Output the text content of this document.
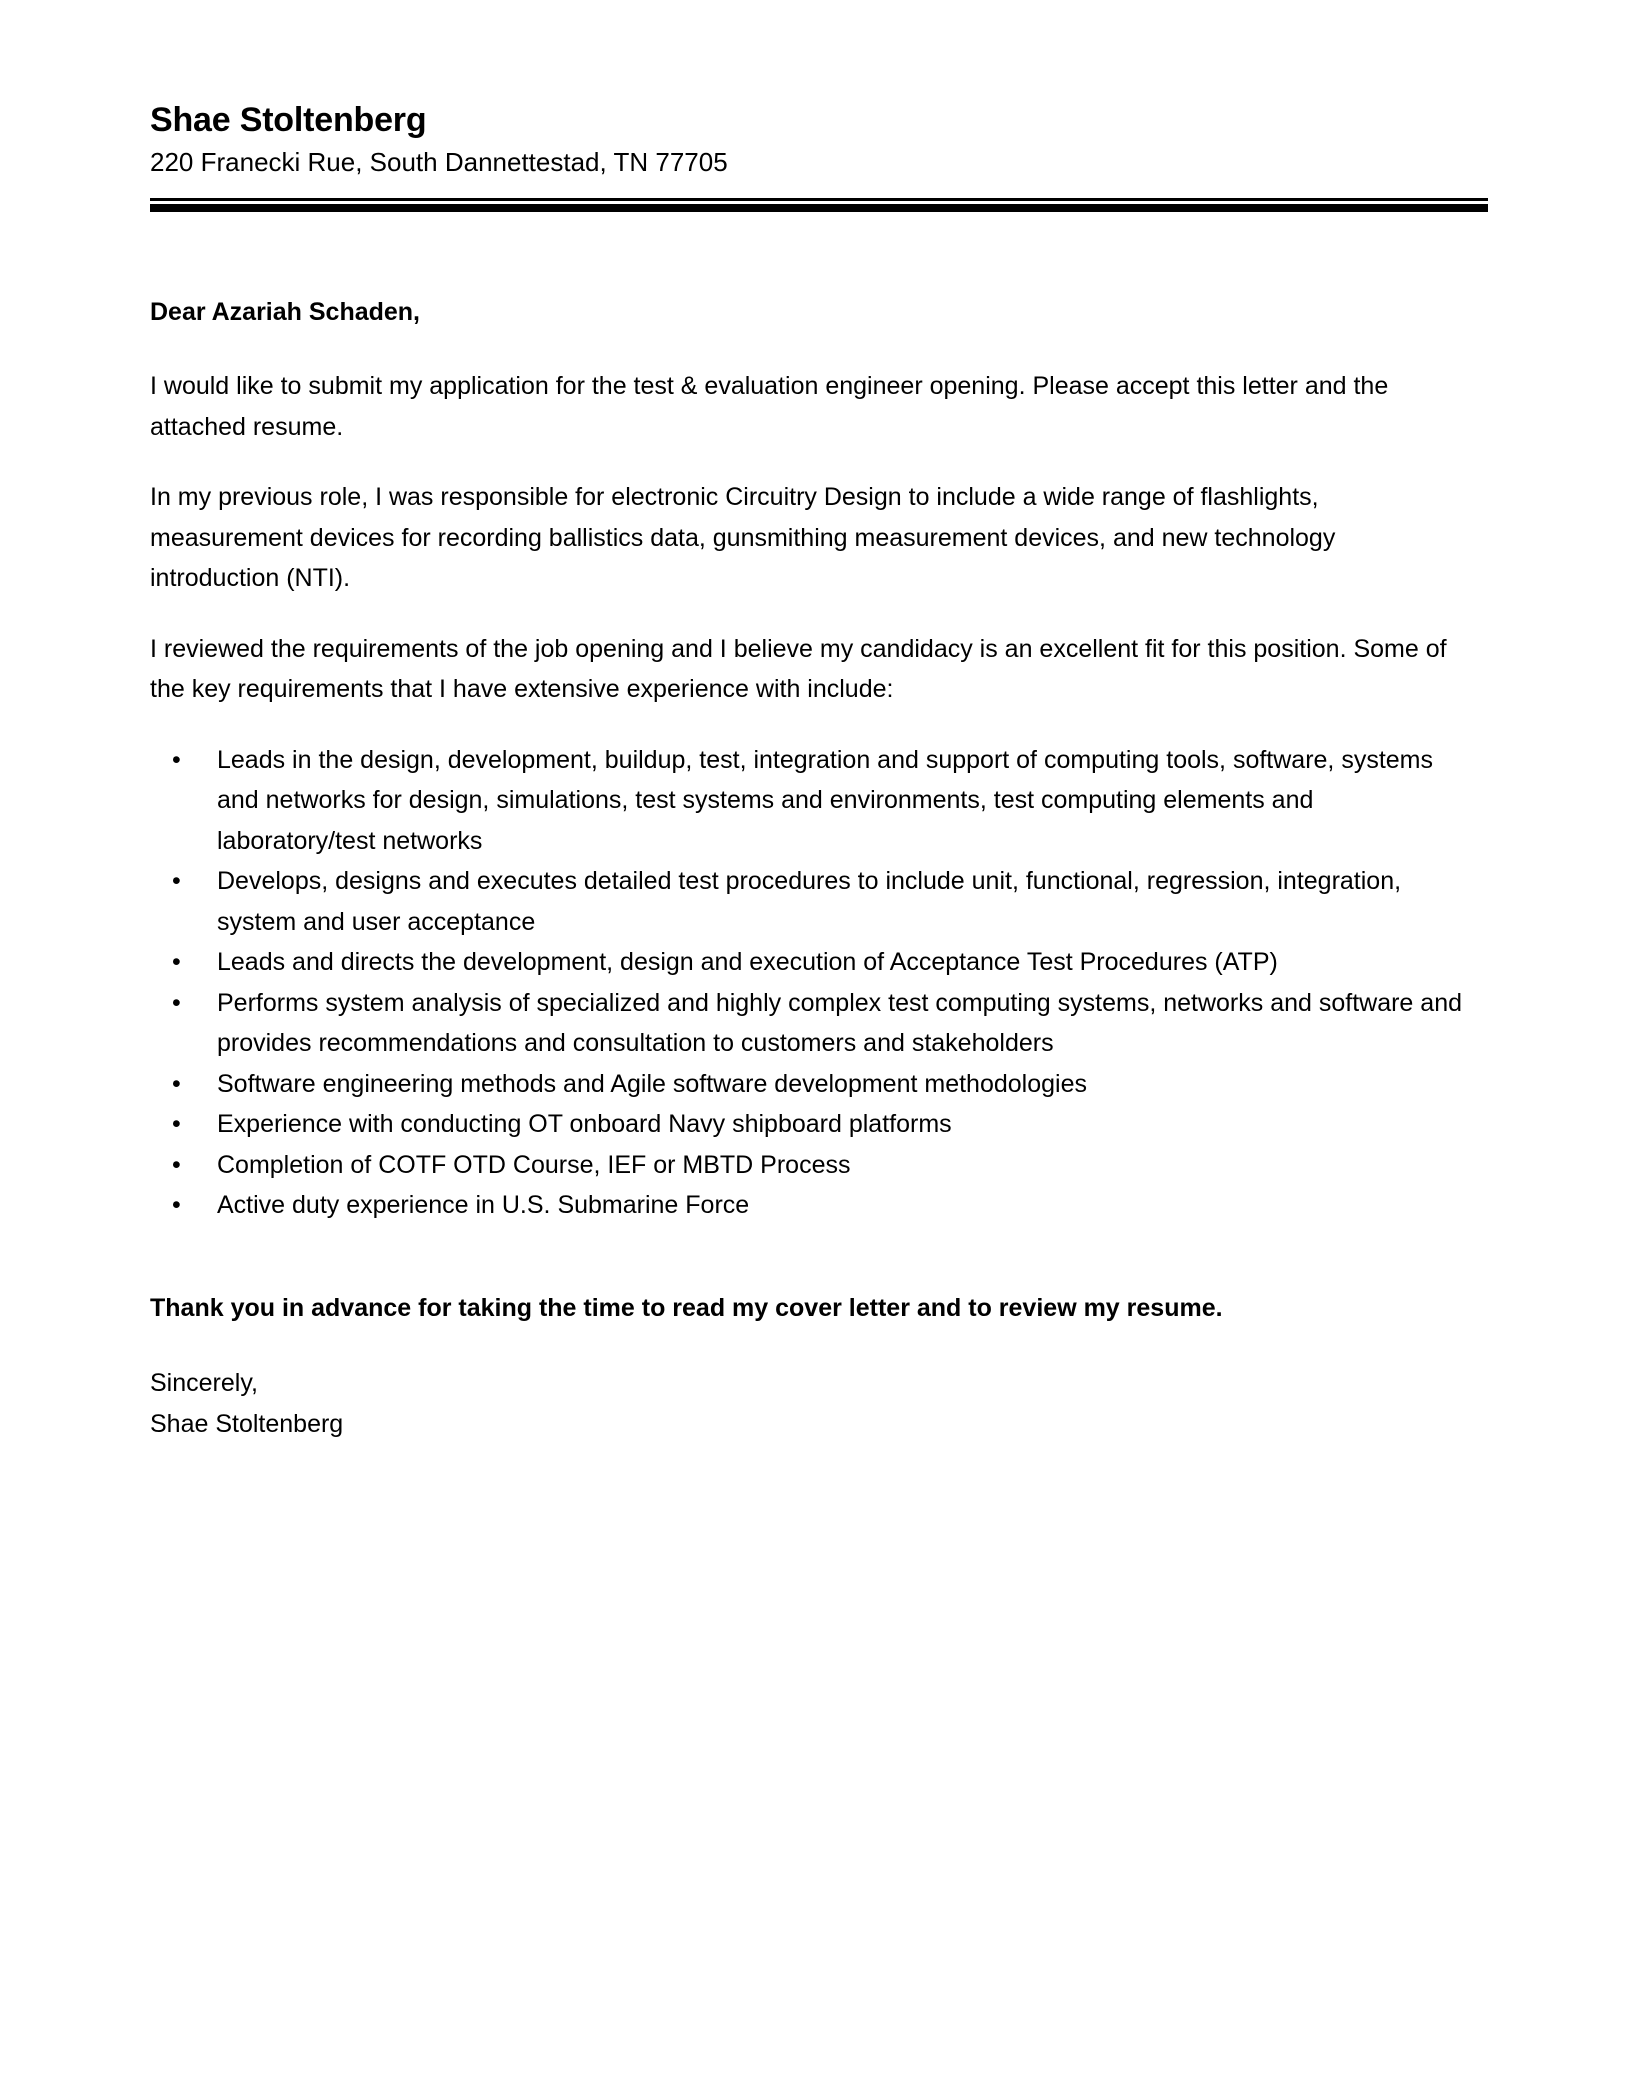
Shae Stoltenberg

220 Franecki Rue, South Dannettestad, TN 77705

Dear Azariah Schaden,

I would like to submit my application for the test & evaluation engineer opening. Please accept this letter and the attached resume.

In my previous role, I was responsible for electronic Circuitry Design to include a wide range of flashlights, measurement devices for recording ballistics data, gunsmithing measurement devices, and new technology introduction (NTI).

I reviewed the requirements of the job opening and I believe my candidacy is an excellent fit for this position. Some of the key requirements that I have extensive experience with include:

• Leads in the design, development, buildup, test, integration and support of computing tools, software, systems and networks for design, simulations, test systems and environments, test computing elements and laboratory/test networks
• Develops, designs and executes detailed test procedures to include unit, functional, regression, integration, system and user acceptance
• Leads and directs the development, design and execution of Acceptance Test Procedures (ATP)
• Performs system analysis of specialized and highly complex test computing systems, networks and software and provides recommendations and consultation to customers and stakeholders
• Software engineering methods and Agile software development methodologies
• Experience with conducting OT onboard Navy shipboard platforms
• Completion of COTF OTD Course, IEF or MBTD Process
• Active duty experience in U.S. Submarine Force

Thank you in advance for taking the time to read my cover letter and to review my resume.

Sincerely,

Shae Stoltenberg
